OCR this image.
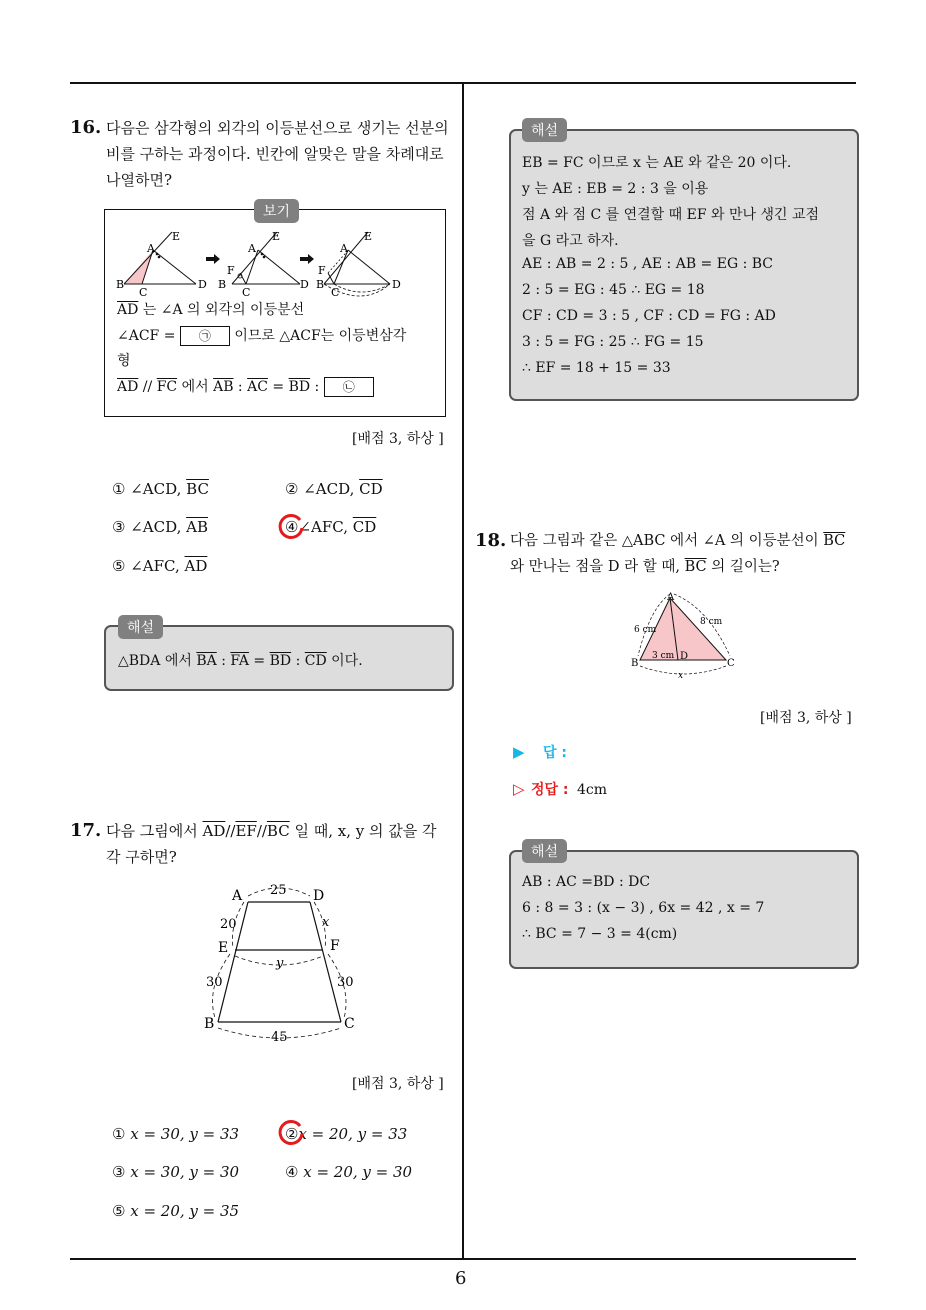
6
16. 다음은 삼각형의 외각의 이등분선으로 생기는 선분의
비를 구하는 과정이다. 빈칸에 알맞은 말을 차례대로
나열하면?
보기
E
A
B
C
D
E
A
F
B
C
D
E
A
F
B
C
D
$\overline{AD}$ 는 ∠A 의 외각의 이등분선
∠ACF = ㉠ 이므로 △ACF는 이등변삼각
형
$\overline{AD} // \overline{FC}$ 에서 $\overline{AB}$ : $\overline{AC} = \overline{BD}$ : ㉡
[배점 3, 하상 ]
① ∠ACD, $\overline{BC}$	② ∠ACD, $\overline{CD}$
③ ∠ACD, $\overline{AB}$	④∠AFC, $\overline{CD}$
⑤ ∠AFC, $\overline{AD}$
해설
△BDA 에서 $\overline{BA}$ : $\overline{FA} = \overline{BD}$ : $\overline{CD}$ 이다.
17. 다음 그림에서 $\overline{AD}//\overline{EF}//\overline{BC}$ 일 때, x, y 의 값을 각
각 구하면?
A	D
25
20	x
E	F
y
30	30
B	C
45
[배점 3, 하상 ]
① x = 30, y = 33	②x = 20, y = 33
③ x = 30, y = 30	④ x = 20, y = 30
⑤ x = 20, y = 35
해설
EB = FC 이므로 x 는 AE 와 같은 20 이다.
y 는 AE : EB = 2 : 3 을 이용
점 A 와 점 C 를 연결할 때 EF 와 만나 생긴 교점
을 G 라고 하자.
AE : AB = 2 : 5 , AE : AB = EG : BC
2 : 5 = EG : 45 ∴ EG = 18
CF : CD = 3 : 5 , CF : CD = FG : AD
3 : 5 = FG : 25 ∴ FG = 15
∴ EF = 18 + 15 = 33
18. 다음 그림과 같은 △ABC 에서 ∠A 의 이등분선이 $\overline{BC}$
와 만나는 점을 D 라 할 때, $\overline{BC}$ 의 길이는?
A
6 cm
8 cm
3 cm D
B	C
x
[배점 3, 하상 ]
▶ 답 :
▷ 정답 : 4cm
해설
AB : AC =BD : DC
6 : 8 = 3 : (x − 3) , 6x = 42 , x = 7
∴ BC = 7 − 3 = 4(cm)
